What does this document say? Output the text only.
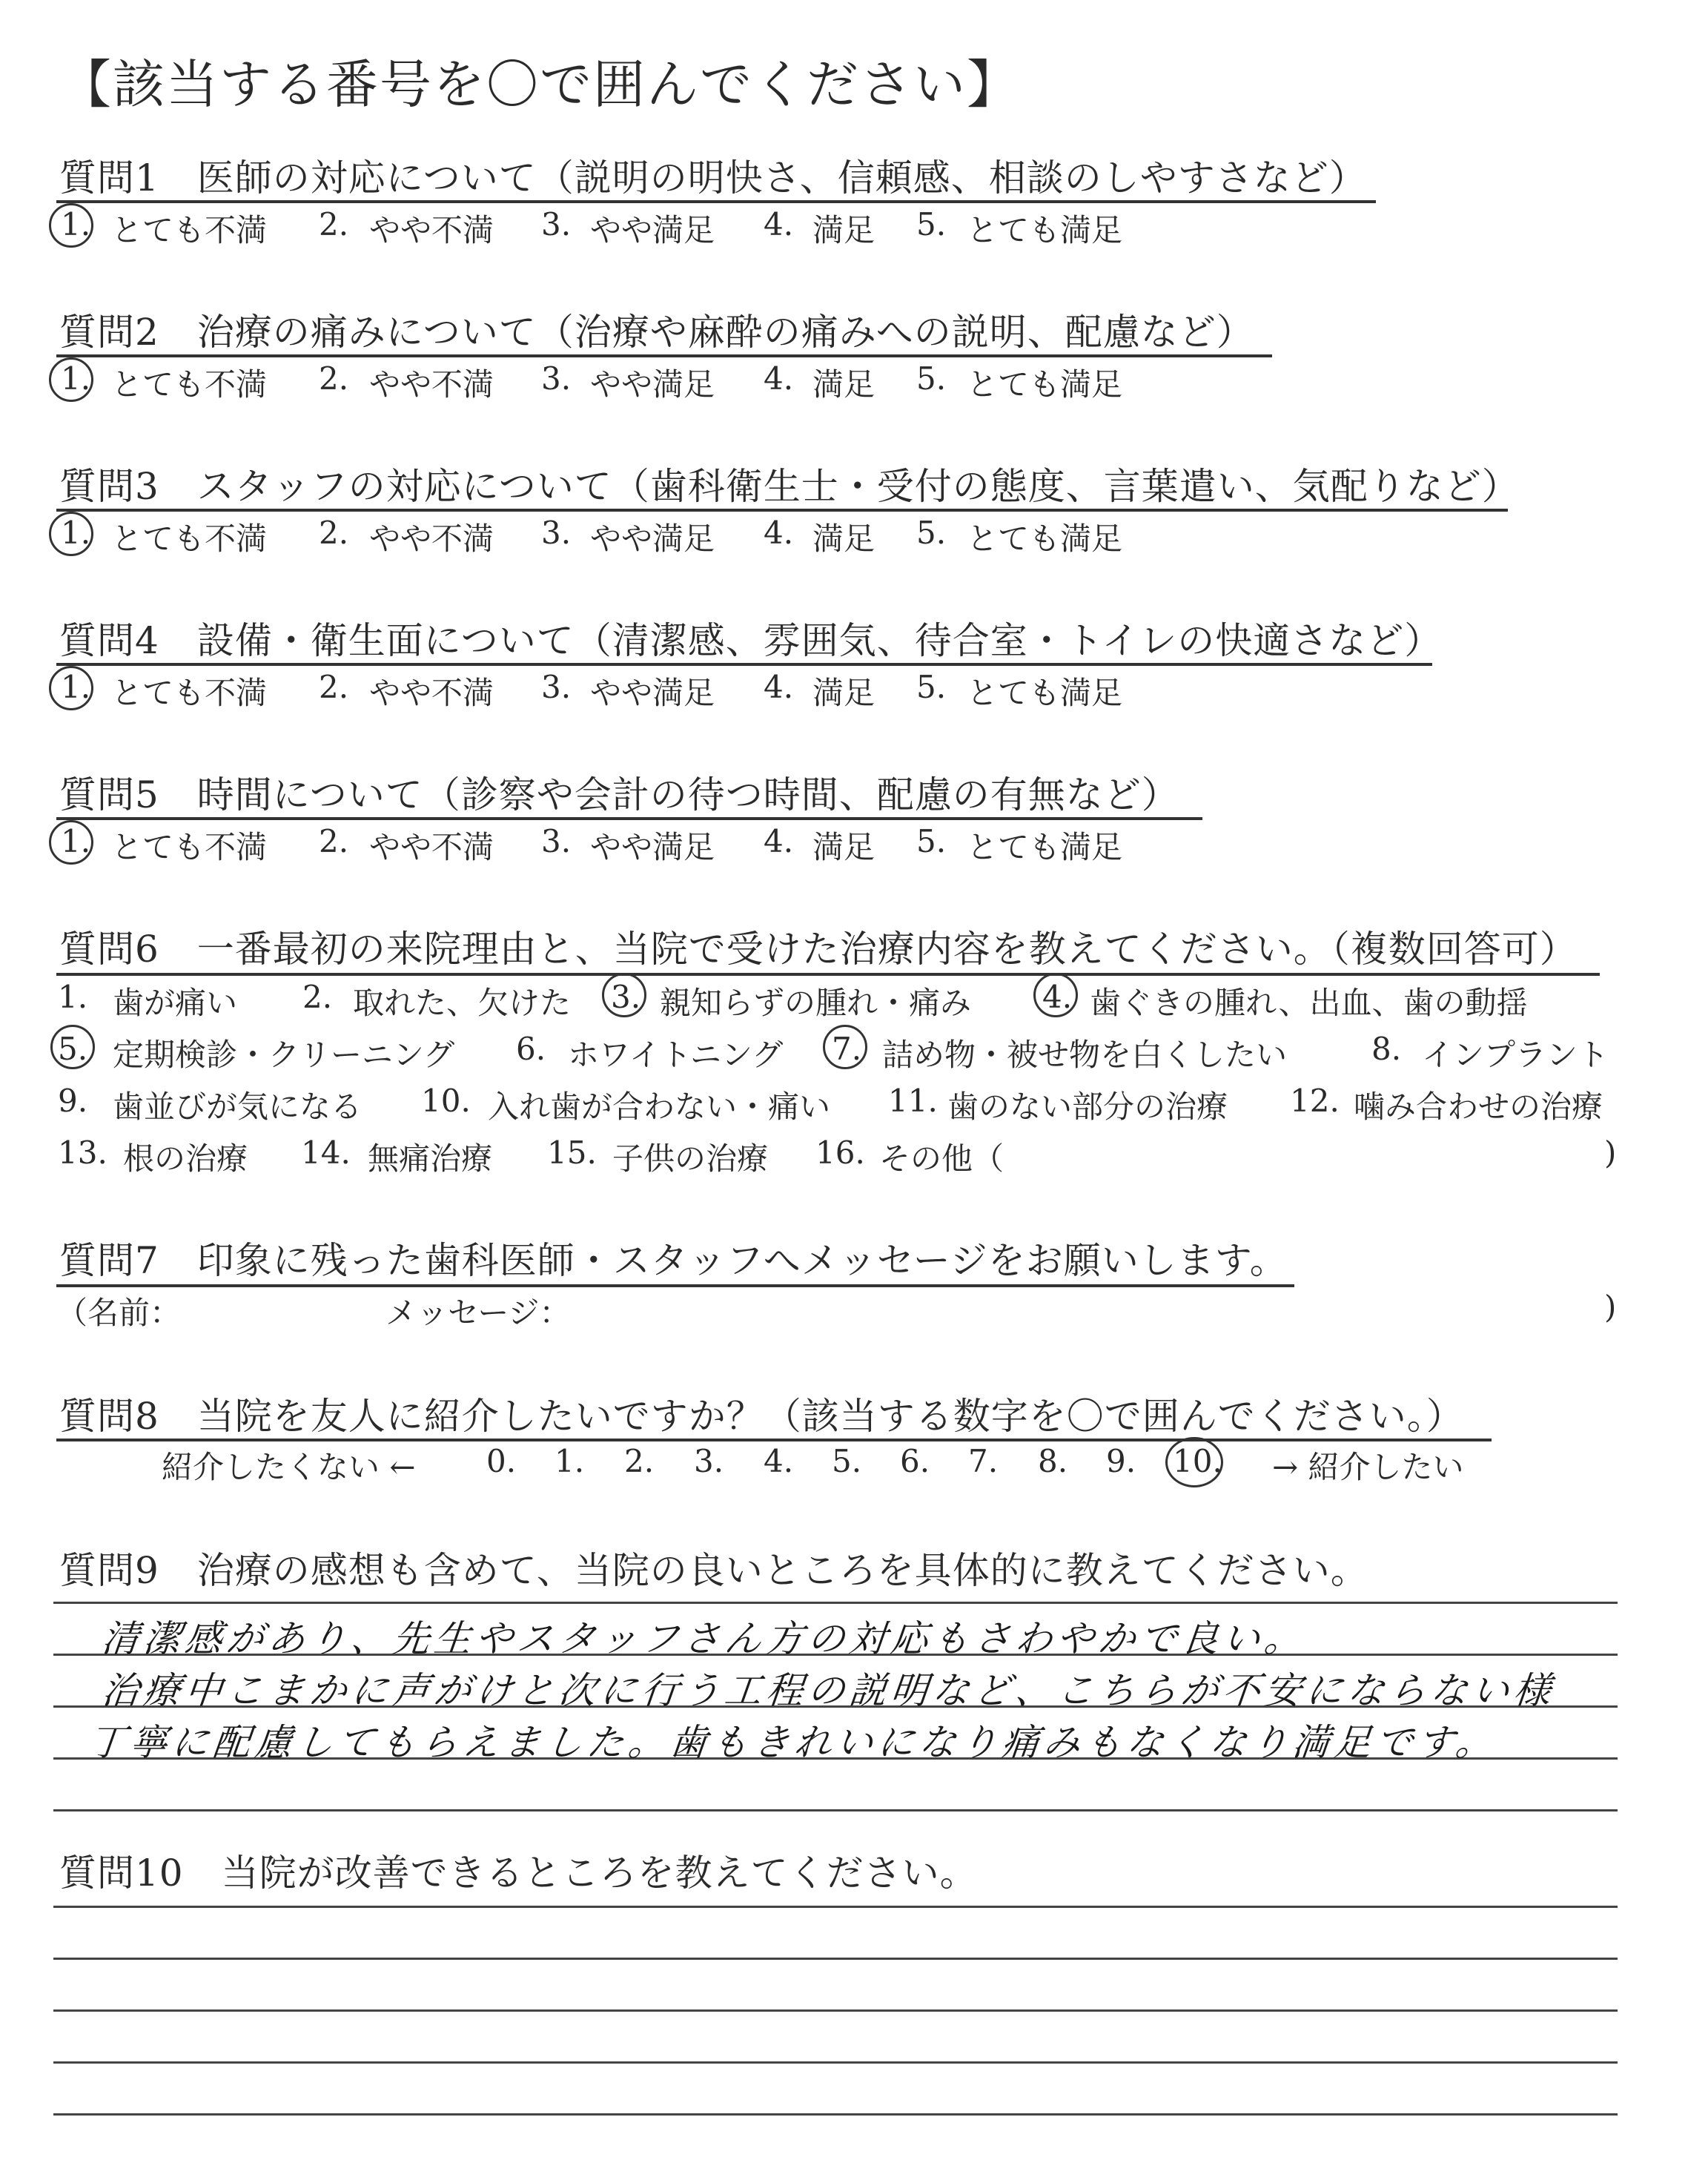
【該当する番号を〇で囲んでください】
質問1　医師の対応について（説明の明快さ、信頼感、相談のしやすさなど）
1. とても不満 2. やや不満 3. やや満足 4. 満足 5. とても満足
質問2　治療の痛みについて（治療や麻酔の痛みへの説明、配慮など）
1. とても不満 2. やや不満 3. やや満足 4. 満足 5. とても満足
質問3　スタッフの対応について（歯科衛生士・受付の態度、言葉遣い、気配りなど）
1. とても不満 2. やや不満 3. やや満足 4. 満足 5. とても満足
質問4　設備・衛生面について（清潔感、雰囲気、待合室・トイレの快適さなど）
1. とても不満 2. やや不満 3. やや満足 4. 満足 5. とても満足
質問5　時間について（診察や会計の待つ時間、配慮の有無など）
1. とても不満 2. やや不満 3. やや満足 4. 満足 5. とても満足
質問6　一番最初の来院理由と、当院で受けた治療内容を教えてください。（複数回答可）
1. 歯が痛い 2. 取れた、欠けた 3. 親知らずの腫れ・痛み 4. 歯ぐきの腫れ、出血、歯の動揺
5. 定期検診・クリーニング 6. ホワイトニング 7. 詰め物・被せ物を白くしたい	8. インプラント
9. 歯並びが気になる 10. 入れ歯が合わない・痛い 11. 歯のない部分の治療 12. 噛み合わせの治療
13. 根の治療 14. 無痛治療 15. 子供の治療 16. その他（	)
質問7　印象に残った歯科医師・スタッフへメッセージをお願いします。
（名前：	メッセージ：	)
質問8　当院を友人に紹介したいですか？（該当する数字を〇で囲んでください。）
紹介したくない ← 0. 1. 2. 3. 4. 5. 6. 7. 8. 9. 10. → 紹介したい
質問9　治療の感想も含めて、当院の良いところを具体的に教えてください。
清潔感があり、先生やスタッフさん方の対応もさわやかで良い。
治療中こまかに声がけと次に行う工程の説明など、こちらが不安にならない様
丁寧に配慮してもらえました。歯もきれいになり痛みもなくなり満足です。
質問10　当院が改善できるところを教えてください。
